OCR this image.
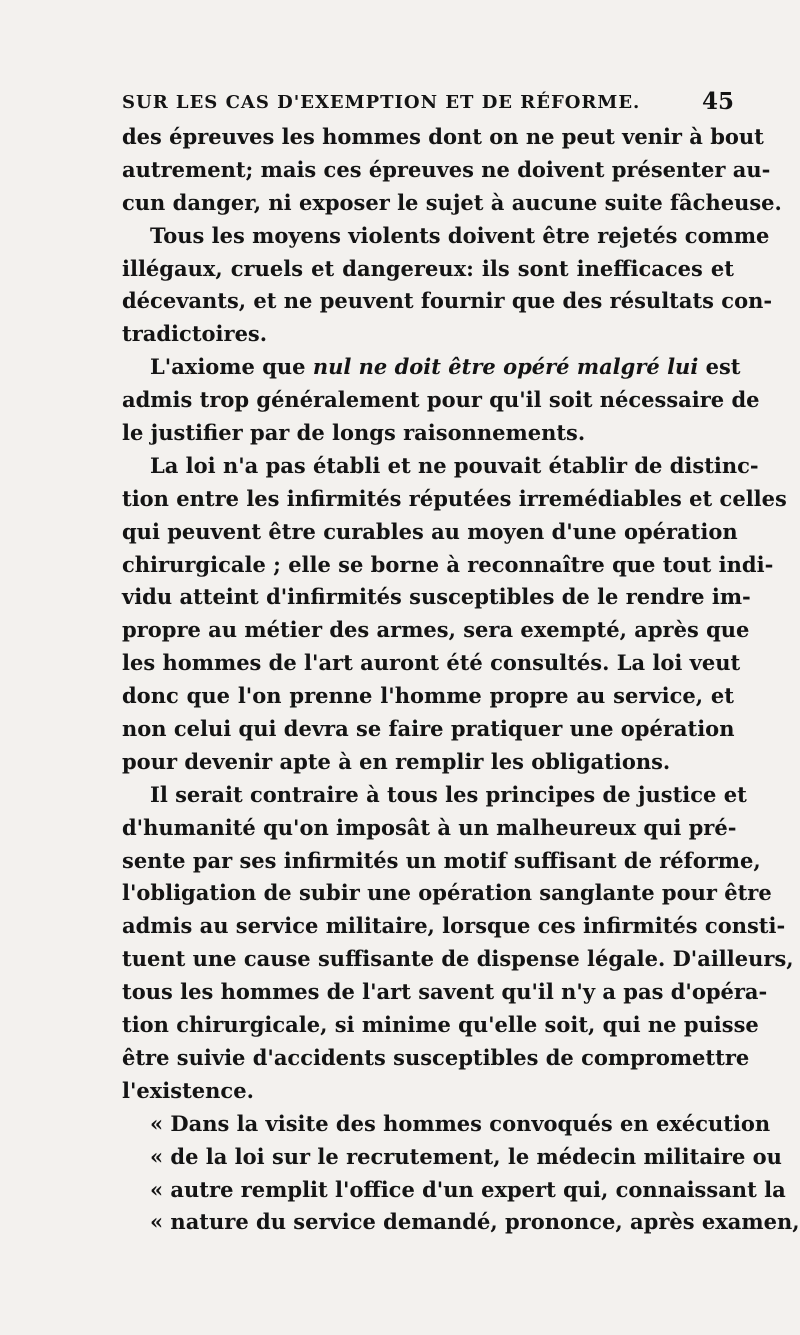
SUR LES CAS D'EXEMPTION ET DE RÉFORME.	45
des épreuves les hommes dont on ne peut venir à bout
autrement; mais ces épreuves ne doivent présenter au-
cun danger, ni exposer le sujet à aucune suite fâcheuse.
Tous les moyens violents doivent être rejetés comme
illégaux, cruels et dangereux: ils sont inefficaces et
décevants, et ne peuvent fournir que des résultats con-
tradictoires.
L'axiome que nul ne doit être opéré malgré lui est
admis trop généralement pour qu'il soit nécessaire de
le justifier par de longs raisonnements.
La loi n'a pas établi et ne pouvait établir de distinc-
tion entre les infirmités réputées irremédiables et celles
qui peuvent être curables au moyen d'une opération
chirurgicale ; elle se borne à reconnaître que tout indi-
vidu atteint d'infirmités susceptibles de le rendre im-
propre au métier des armes, sera exempté, après que
les hommes de l'art auront été consultés. La loi veut
donc que l'on prenne l'homme propre au service, et
non celui qui devra se faire pratiquer une opération
pour devenir apte à en remplir les obligations.
Il serait contraire à tous les principes de justice et
d'humanité qu'on imposât à un malheureux qui pré-
sente par ses infirmités un motif suffisant de réforme,
l'obligation de subir une opération sanglante pour être
admis au service militaire, lorsque ces infirmités consti-
tuent une cause suffisante de dispense légale. D'ailleurs,
tous les hommes de l'art savent qu'il n'y a pas d'opéra-
tion chirurgicale, si minime qu'elle soit, qui ne puisse
être suivie d'accidents susceptibles de compromettre
l'existence.
« Dans la visite des hommes convoqués en exécution
« de la loi sur le recrutement, le médecin militaire ou
« autre remplit l'office d'un expert qui, connaissant la
« nature du service demandé, prononce, après examen,
